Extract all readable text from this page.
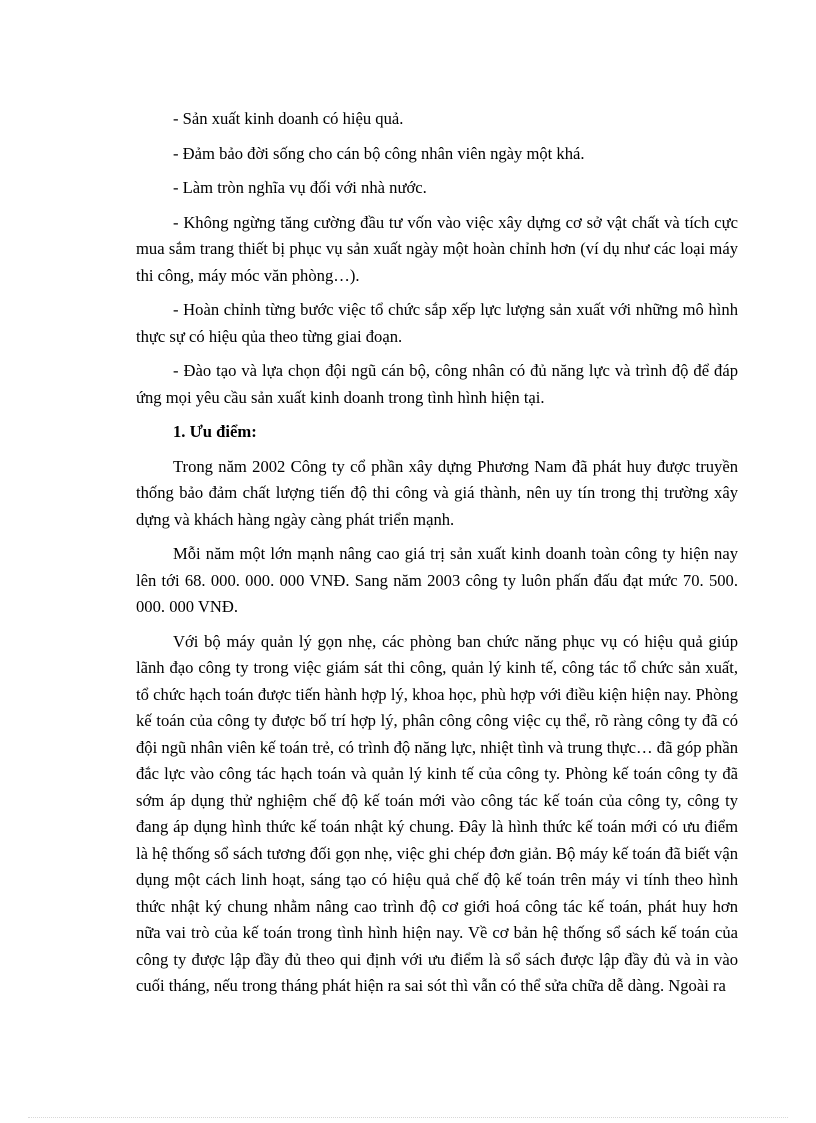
- Sản xuất kinh doanh có hiệu quả.

- Đảm bảo đời sống cho cán bộ công nhân viên ngày một khá.

- Làm tròn nghĩa vụ đối với nhà nước.

- Không ngừng tăng cường đầu tư vốn vào việc xây dựng cơ sở vật chất và tích cực mua sắm trang thiết bị phục vụ sản xuất ngày một hoàn chỉnh hơn (ví dụ như các loại máy thi công, máy móc văn phòng…).

- Hoàn chỉnh từng bước việc tổ chức sắp xếp lực lượng sản xuất với những mô hình thực sự có hiệu qủa theo từng giai đoạn.

- Đào tạo và lựa chọn đội ngũ cán bộ, công nhân có đủ năng lực và trình độ để đáp ứng mọi yêu cầu sản xuất kinh doanh trong tình hình hiện tại.

1. Ưu điểm:

Trong năm 2002 Công ty cổ phần xây dựng Phương Nam đã phát huy được truyền thống bảo đảm chất lượng tiến độ thi công và giá thành, nên uy tín trong thị trường xây dựng và khách hàng ngày càng phát triển mạnh.

Mỗi năm một lớn mạnh nâng cao giá trị sản xuất kinh doanh toàn công ty hiện nay lên tới 68. 000. 000. 000 VNĐ. Sang năm 2003 công ty luôn phấn đấu đạt mức 70. 500. 000. 000 VNĐ.

Với bộ máy quản lý gọn nhẹ, các phòng ban chức năng phục vụ có hiệu quả giúp lãnh đạo công ty trong việc giám sát thi công, quản lý kinh tế, công tác tổ chức sản xuất, tổ chức hạch toán được tiến hành hợp lý, khoa học, phù hợp với điều kiện hiện nay. Phòng kế toán của công ty được bố trí hợp lý, phân công công việc cụ thể, rõ ràng công ty đã có đội ngũ nhân viên kế toán trẻ, có trình độ năng lực, nhiệt tình và trung thực… đã góp phần đắc lực vào công tác hạch toán và quản lý kinh tế của công ty. Phòng kế toán công ty đã sớm áp dụng thử nghiệm chế độ kế toán mới vào công tác kế toán của công ty, công ty đang áp dụng hình thức kế toán nhật ký chung. Đây là hình thức kế toán mới có ưu điểm là hệ thống sổ sách tương đối gọn nhẹ, việc ghi chép đơn giản. Bộ máy kế toán đã biết vận dụng một cách linh hoạt, sáng tạo có hiệu quả chế độ kế toán trên máy vi tính theo hình thức nhật ký chung nhằm nâng cao trình độ cơ giới hoá công tác kế toán, phát huy hơn nữa vai trò của kế toán trong tình hình hiện nay. Về cơ bản hệ thống sổ sách kế toán của công ty được lập đầy đủ theo qui định với ưu điểm là sổ sách được lập đầy đủ và in vào cuối tháng, nếu trong tháng phát hiện ra sai sót thì vẫn có thể sửa chữa dễ dàng. Ngoài ra
